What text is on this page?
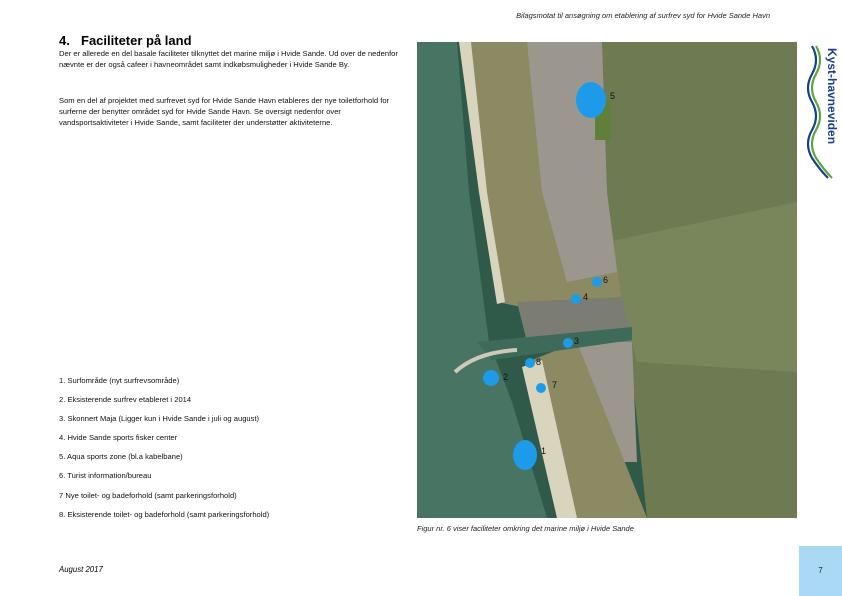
Bilagsmotat til ansøgning om etablering af surfrev syd for Hvide Sande Havn
4. Faciliteter på land
Der er allerede en del basale faciliteter tilknyttet det marine miljø i Hvide Sande. Ud over de nedenfor nævnte er der også cafeer i havneområdet samt indkøbsmuligheder i Hvide Sande By.
Som en del af projektet med surfrevet syd for Hvide Sande Havn etableres der nye toiletforhold for surferne der benytter området syd for Hvide Sande Havn. Se oversigt nedenfor over vandsportsaktiviteter i Hvide Sande, samt faciliteter der understøtter aktiviteterne.
1. Surfområde (nyt surfrevsområde)
2. Eksisterende surfrev etableret i 2014
3. Skonnert Maja (Ligger kun i Hvide Sande i juli og august)
4. Hvide Sande sports fisker center
5. Aqua sports zone (bl.a kabelbane)
6. Turist information/bureau
7 Nye toilet- og badeforhold (samt parkeringsforhold)
8. Eksisterende toilet- og badeforhold (samt parkeringsforhold)
1
2
3
4
5
6
7
8
Figur nr. 6 viser faciliteter omkring det marine miljø i Hvide Sande
Kyst-havneviden
August 2017	7
